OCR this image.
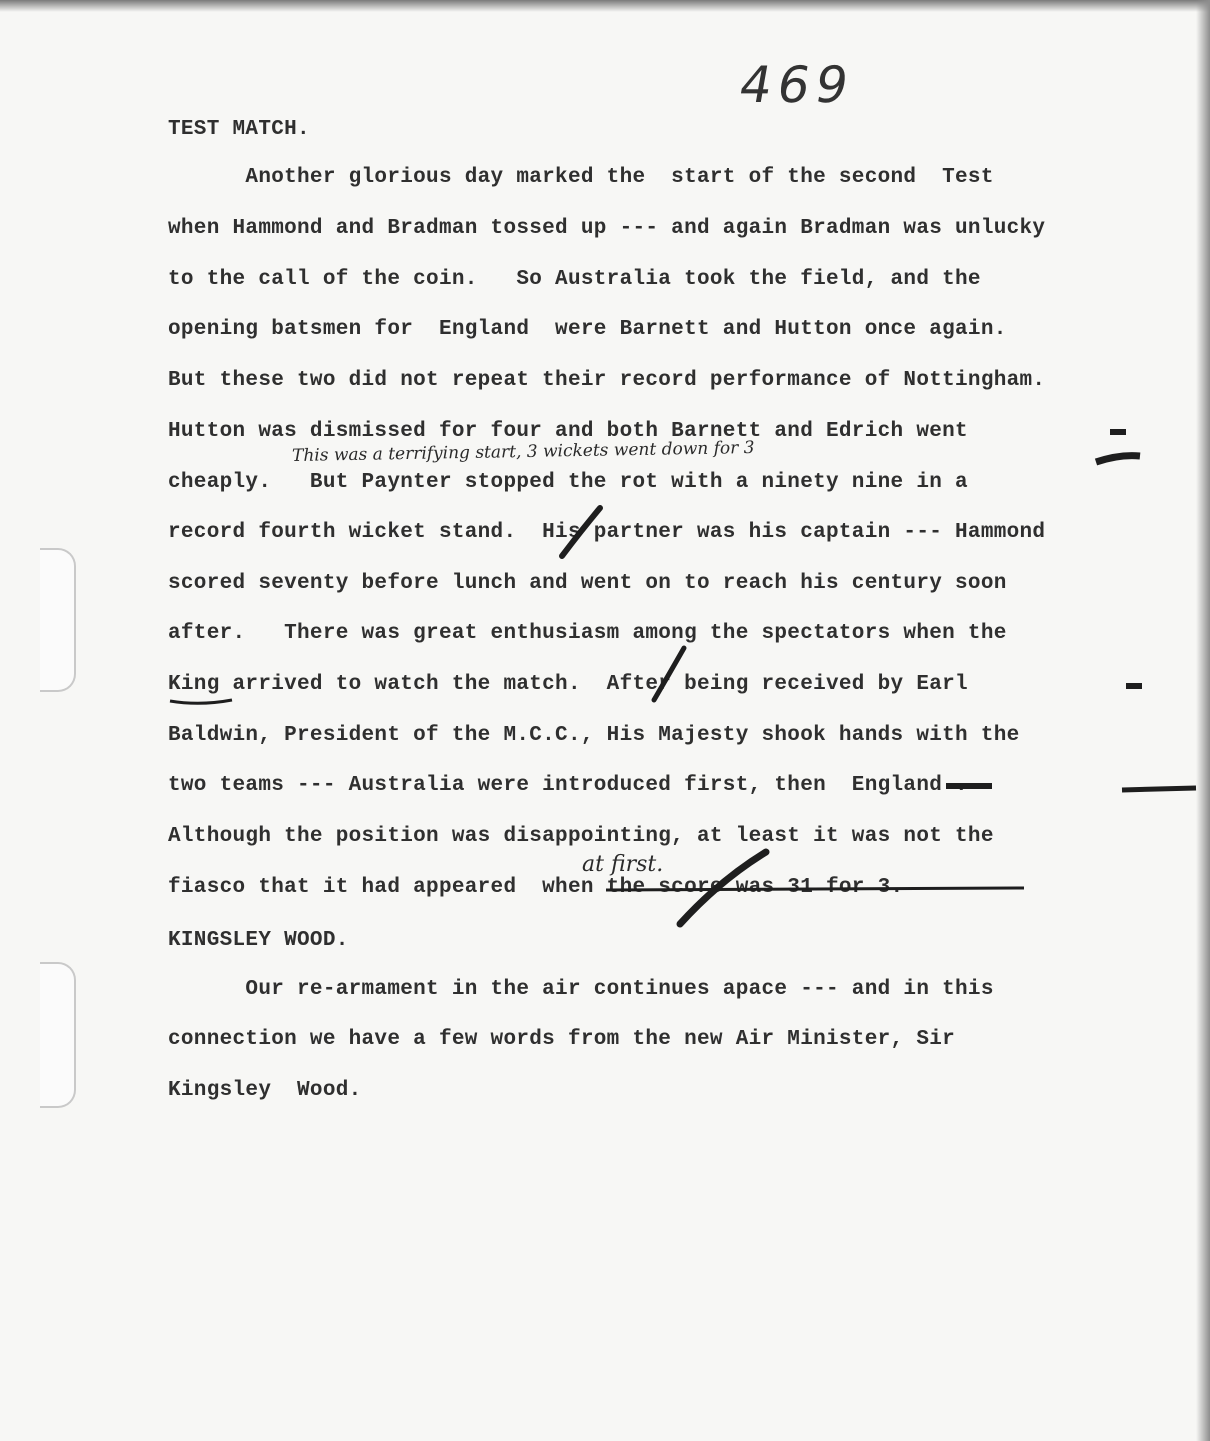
469
TEST MATCH.
Another glorious day marked the  start of the second  Test
when Hammond and Bradman tossed up --- and again Bradman was unlucky
to the call of the coin.   So Australia took the field, and the
opening batsmen for  England  were Barnett and Hutton once again.
But these two did not repeat their record performance of Nottingham.
Hutton was dismissed for four and both Barnett and Edrich went
This was a terrifying start, 3 wickets went down for 3
cheaply.   But Paynter stopped the rot with a ninety nine in a
record fourth wicket stand.  His partner was his captain --- Hammond
scored seventy before lunch and went on to reach his century soon
after.   There was great enthusiasm among the spectators when the
King arrived to watch the match.  After being received by Earl
Baldwin, President of the M.C.C., His Majesty shook hands with the
two teams --- Australia were introduced first, then  England .
Although the position was disappointing, at least it was not the
at first.
fiasco that it had appeared  when the score was 31 for 3.
KINGSLEY WOOD.
Our re-armament in the air continues apace --- and in this
connection we have a few words from the new Air Minister, Sir
Kingsley  Wood.
